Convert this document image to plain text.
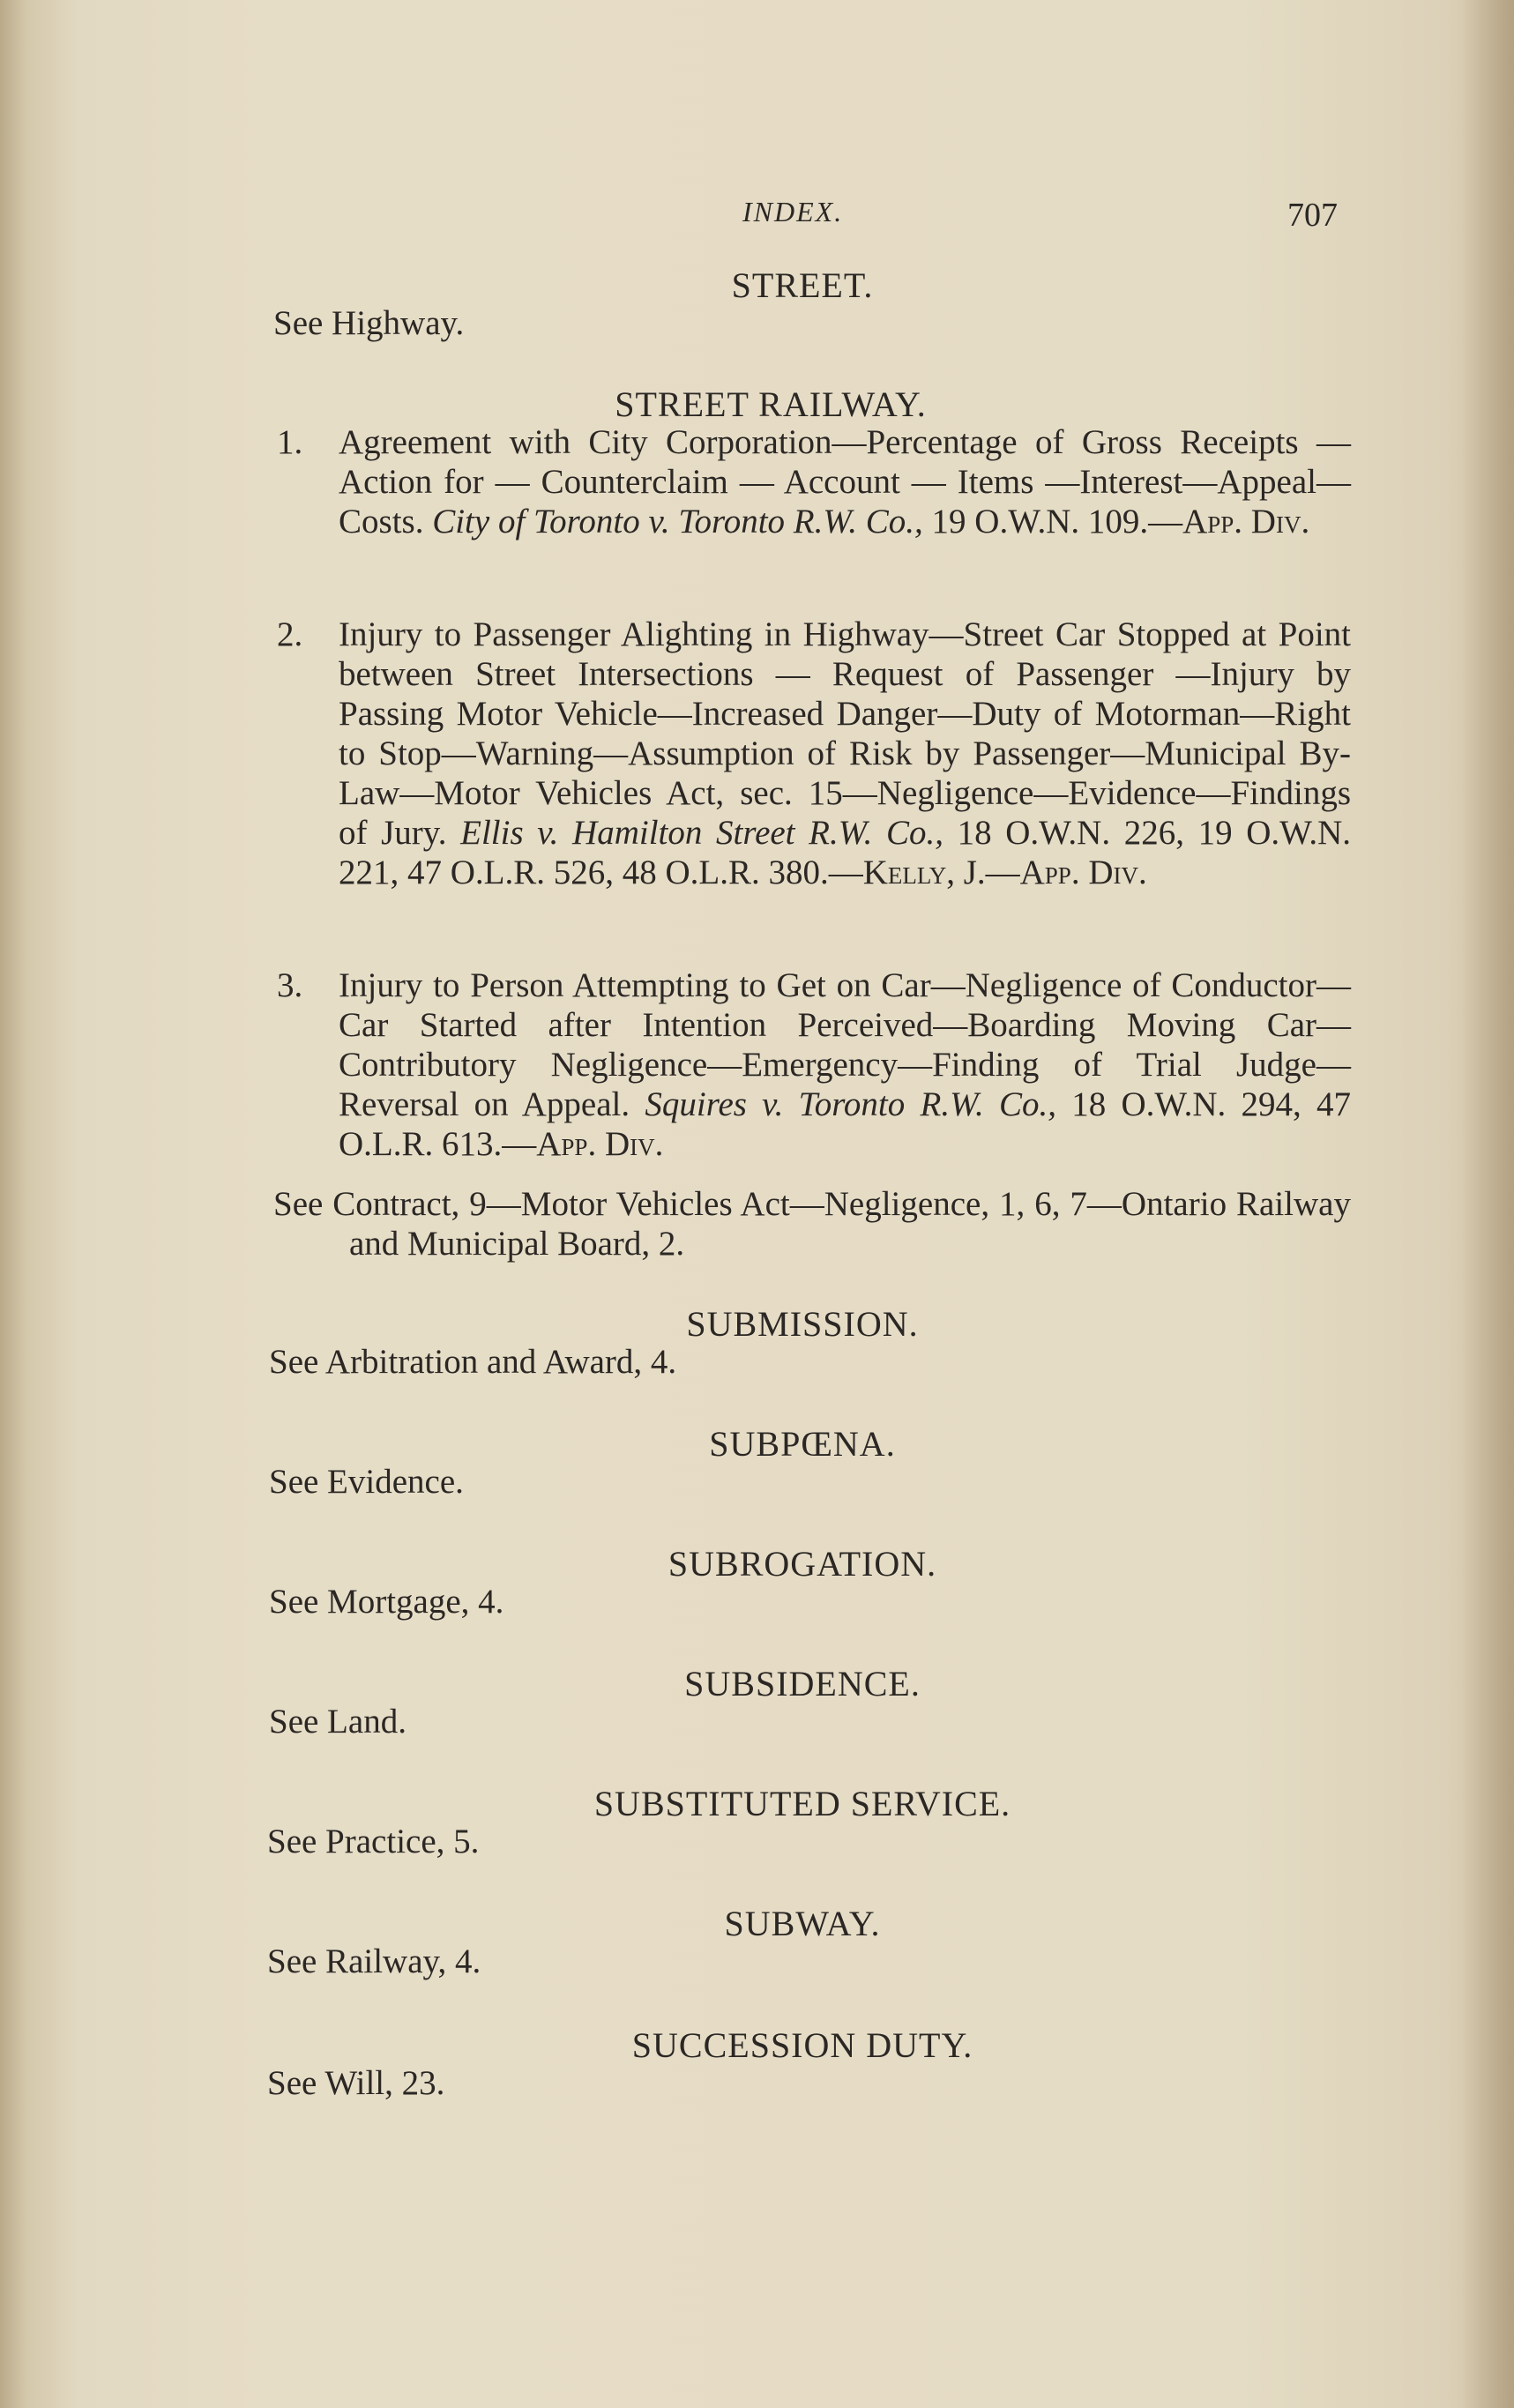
INDEX.	707
STREET.
See Highway.
STREET RAILWAY.
1. Agreement with City Corporation—Percentage of Gross Receipts — Action for — Counterclaim — Account — Items —Interest—Appeal—Costs. City of Toronto v. Toronto R.W. Co., 19 O.W.N. 109.—App. Div.

2. Injury to Passenger Alighting in Highway—Street Car Stopped at Point between Street Intersections — Request of Passenger —Injury by Passing Motor Vehicle—Increased Danger—Duty of Motorman—Right to Stop—Warning—Assumption of Risk by Passenger—Municipal By-Law—Motor Vehicles Act, sec. 15—Negligence—Evidence—Findings of Jury. Ellis v. Hamilton Street R.W. Co., 18 O.W.N. 226, 19 O.W.N. 221, 47 O.L.R. 526, 48 O.L.R. 380.—Kelly, J.—App. Div.

3. Injury to Person Attempting to Get on Car—Negligence of Conductor—Car Started after Intention Perceived—Boarding Moving Car—Contributory Negligence—Emergency—Finding of Trial Judge—Reversal on Appeal. Squires v. Toronto R.W. Co., 18 O.W.N. 294, 47 O.L.R. 613.—App. Div.

See Contract, 9—Motor Vehicles Act—Negligence, 1, 6, 7—Ontario Railway and Municipal Board, 2.

SUBMISSION.
See Arbitration and Award, 4.
SUBPŒNA.
See Evidence.
SUBROGATION.
See Mortgage, 4.
SUBSIDENCE.
See Land.
SUBSTITUTED SERVICE.
See Practice, 5.
SUBWAY.
See Railway, 4.
SUCCESSION DUTY.
See Will, 23.
